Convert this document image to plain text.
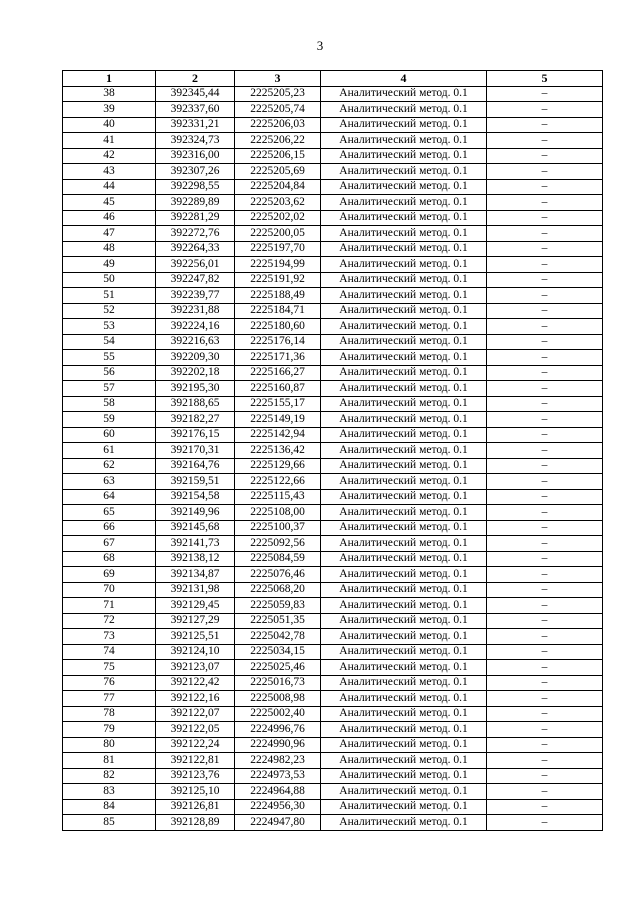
3
1	2	3	4	5
38	392345,44	2225205,23	Аналитический метод. 0.1	–
39	392337,60	2225205,74	Аналитический метод. 0.1	–
40	392331,21	2225206,03	Аналитический метод. 0.1	–
41	392324,73	2225206,22	Аналитический метод. 0.1	–
42	392316,00	2225206,15	Аналитический метод. 0.1	–
43	392307,26	2225205,69	Аналитический метод. 0.1	–
44	392298,55	2225204,84	Аналитический метод. 0.1	–
45	392289,89	2225203,62	Аналитический метод. 0.1	–
46	392281,29	2225202,02	Аналитический метод. 0.1	–
47	392272,76	2225200,05	Аналитический метод. 0.1	–
48	392264,33	2225197,70	Аналитический метод. 0.1	–
49	392256,01	2225194,99	Аналитический метод. 0.1	–
50	392247,82	2225191,92	Аналитический метод. 0.1	–
51	392239,77	2225188,49	Аналитический метод. 0.1	–
52	392231,88	2225184,71	Аналитический метод. 0.1	–
53	392224,16	2225180,60	Аналитический метод. 0.1	–
54	392216,63	2225176,14	Аналитический метод. 0.1	–
55	392209,30	2225171,36	Аналитический метод. 0.1	–
56	392202,18	2225166,27	Аналитический метод. 0.1	–
57	392195,30	2225160,87	Аналитический метод. 0.1	–
58	392188,65	2225155,17	Аналитический метод. 0.1	–
59	392182,27	2225149,19	Аналитический метод. 0.1	–
60	392176,15	2225142,94	Аналитический метод. 0.1	–
61	392170,31	2225136,42	Аналитический метод. 0.1	–
62	392164,76	2225129,66	Аналитический метод. 0.1	–
63	392159,51	2225122,66	Аналитический метод. 0.1	–
64	392154,58	2225115,43	Аналитический метод. 0.1	–
65	392149,96	2225108,00	Аналитический метод. 0.1	–
66	392145,68	2225100,37	Аналитический метод. 0.1	–
67	392141,73	2225092,56	Аналитический метод. 0.1	–
68	392138,12	2225084,59	Аналитический метод. 0.1	–
69	392134,87	2225076,46	Аналитический метод. 0.1	–
70	392131,98	2225068,20	Аналитический метод. 0.1	–
71	392129,45	2225059,83	Аналитический метод. 0.1	–
72	392127,29	2225051,35	Аналитический метод. 0.1	–
73	392125,51	2225042,78	Аналитический метод. 0.1	–
74	392124,10	2225034,15	Аналитический метод. 0.1	–
75	392123,07	2225025,46	Аналитический метод. 0.1	–
76	392122,42	2225016,73	Аналитический метод. 0.1	–
77	392122,16	2225008,98	Аналитический метод. 0.1	–
78	392122,07	2225002,40	Аналитический метод. 0.1	–
79	392122,05	2224996,76	Аналитический метод. 0.1	–
80	392122,24	2224990,96	Аналитический метод. 0.1	–
81	392122,81	2224982,23	Аналитический метод. 0.1	–
82	392123,76	2224973,53	Аналитический метод. 0.1	–
83	392125,10	2224964,88	Аналитический метод. 0.1	–
84	392126,81	2224956,30	Аналитический метод. 0.1	–
85	392128,89	2224947,80	Аналитический метод. 0.1	–
